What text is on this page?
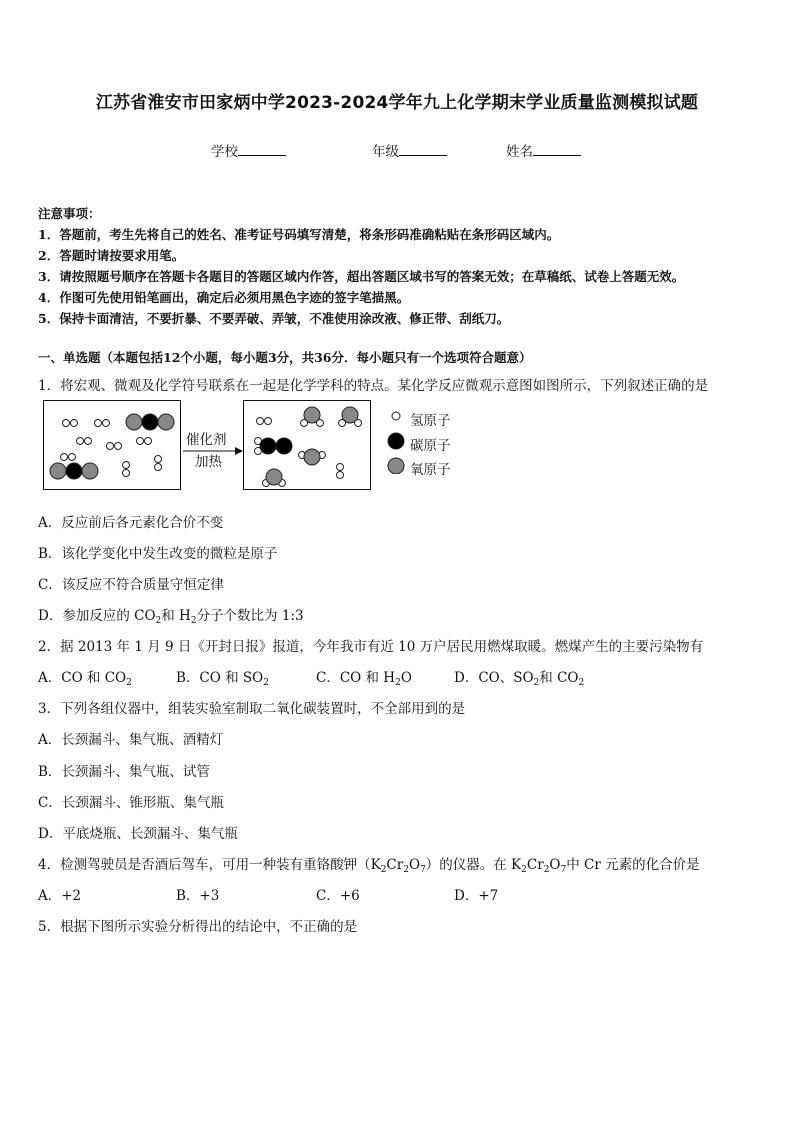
江苏省淮安市田家炳中学2023-2024学年九上化学期末学业质量监测模拟试题
学校	年级	姓名
注意事项：
1．答题前，考生先将自己的姓名、准考证号码填写清楚，将条形码准确粘贴在条形码区域内。
2．答题时请按要求用笔。
3．请按照题号顺序在答题卡各题目的答题区域内作答，超出答题区域书写的答案无效；在草稿纸、试卷上答题无效。
4．作图可先使用铅笔画出，确定后必须用黑色字迹的签字笔描黑。
5．保持卡面清洁，不要折暴、不要弄破、弄皱，不准使用涂改液、修正带、刮纸刀。
一、单选题（本题包括12个小题，每小题3分，共36分．每小题只有一个选项符合题意）
1．将宏观、微观及化学符号联系在一起是化学学科的特点。某化学反应微观示意图如图所示，下列叙述正确的是
催化剂
加热
氢原子
碳原子
氧原子
A．反应前后各元素化合价不变
B．该化学变化中发生改变的微粒是原子
C．该反应不符合质量守恒定律
D．参加反应的 $CO_2$和 $H_2$分子个数比为 1:3
2．据 2013 年 1 月 9 日《开封日报》报道，今年我市有近 10 万户居民用燃煤取暖。燃煤产生的主要污染物有
A．CO 和 $CO_2$	B．CO 和 $SO_2$	C．CO 和 $H_2O$	D．CO、$SO_2$和 $CO_2$
3．下列各组仪器中，组装实验室制取二氧化碳装置时，不全部用到的是
A．长颈漏斗、集气瓶、酒精灯
B．长颈漏斗、集气瓶、试管
C．长颈漏斗、锥形瓶、集气瓶
D．平底烧瓶、长颈漏斗、集气瓶
4．检测驾驶员是否酒后驾车，可用一种装有重铬酸钾$(K_2Cr_2O_7)$的仪器。在 $K_2Cr_2O_7$中 Cr 元素的化合价是
A．+2	B．+3	C．+6	D．+7
5．根据下图所示实验分析得出的结论中，不正确的是
